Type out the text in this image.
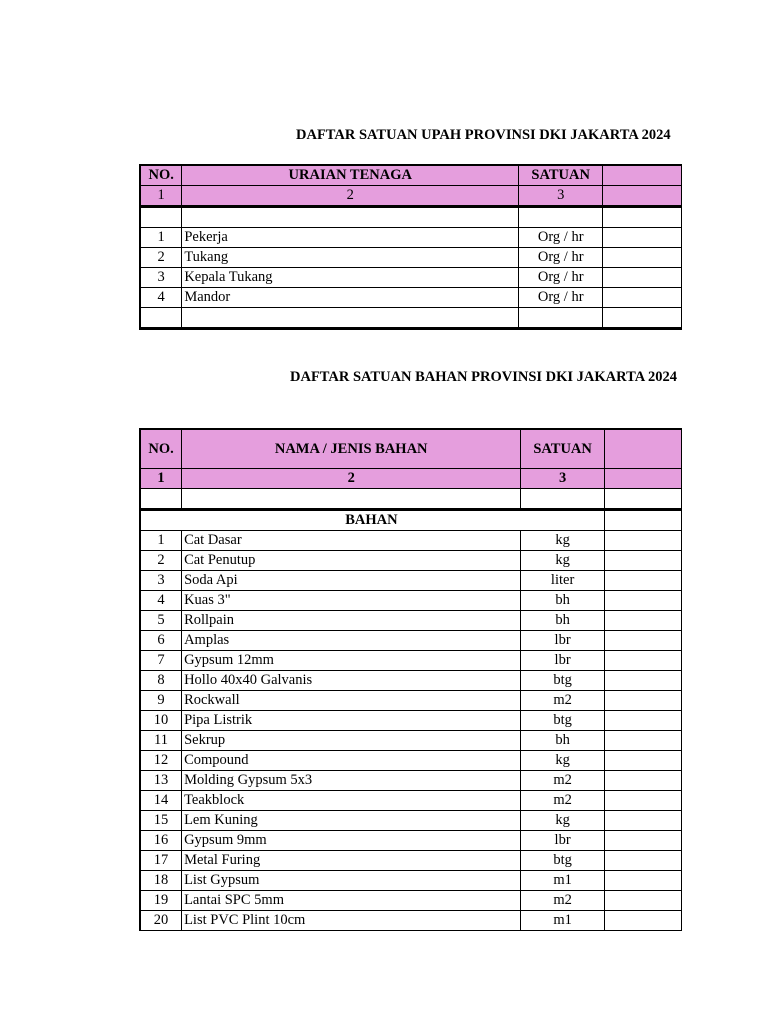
DAFTAR SATUAN UPAH PROVINSI DKI JAKARTA 2024
NO.	URAIAN TENAGA	SATUAN	
1	2	3	

1	Pekerja	Org / hr	
2	Tukang	Org / hr	
3	Kepala Tukang	Org / hr	
4	Mandor	Org / hr	

DAFTAR SATUAN BAHAN PROVINSI DKI JAKARTA 2024
NO.	NAMA / JENIS BAHAN	SATUAN	
1	2	3	

BAHAN			
1	Cat Dasar	kg	
2	Cat Penutup	kg	
3	Soda Api	liter	
4	Kuas 3"	bh	
5	Rollpain	bh	
6	Amplas	lbr	
7	Gypsum 12mm	lbr	
8	Hollo 40x40 Galvanis	btg	
9	Rockwall	m2	
10	Pipa Listrik	btg	
11	Sekrup	bh	
12	Compound	kg	
13	Molding Gypsum 5x3	m2	
14	Teakblock	m2	
15	Lem Kuning	kg	
16	Gypsum 9mm	lbr	
17	Metal Furing	btg	
18	List Gypsum	m1	
19	Lantai SPC 5mm	m2	
20	List PVC Plint 10cm	m1	
